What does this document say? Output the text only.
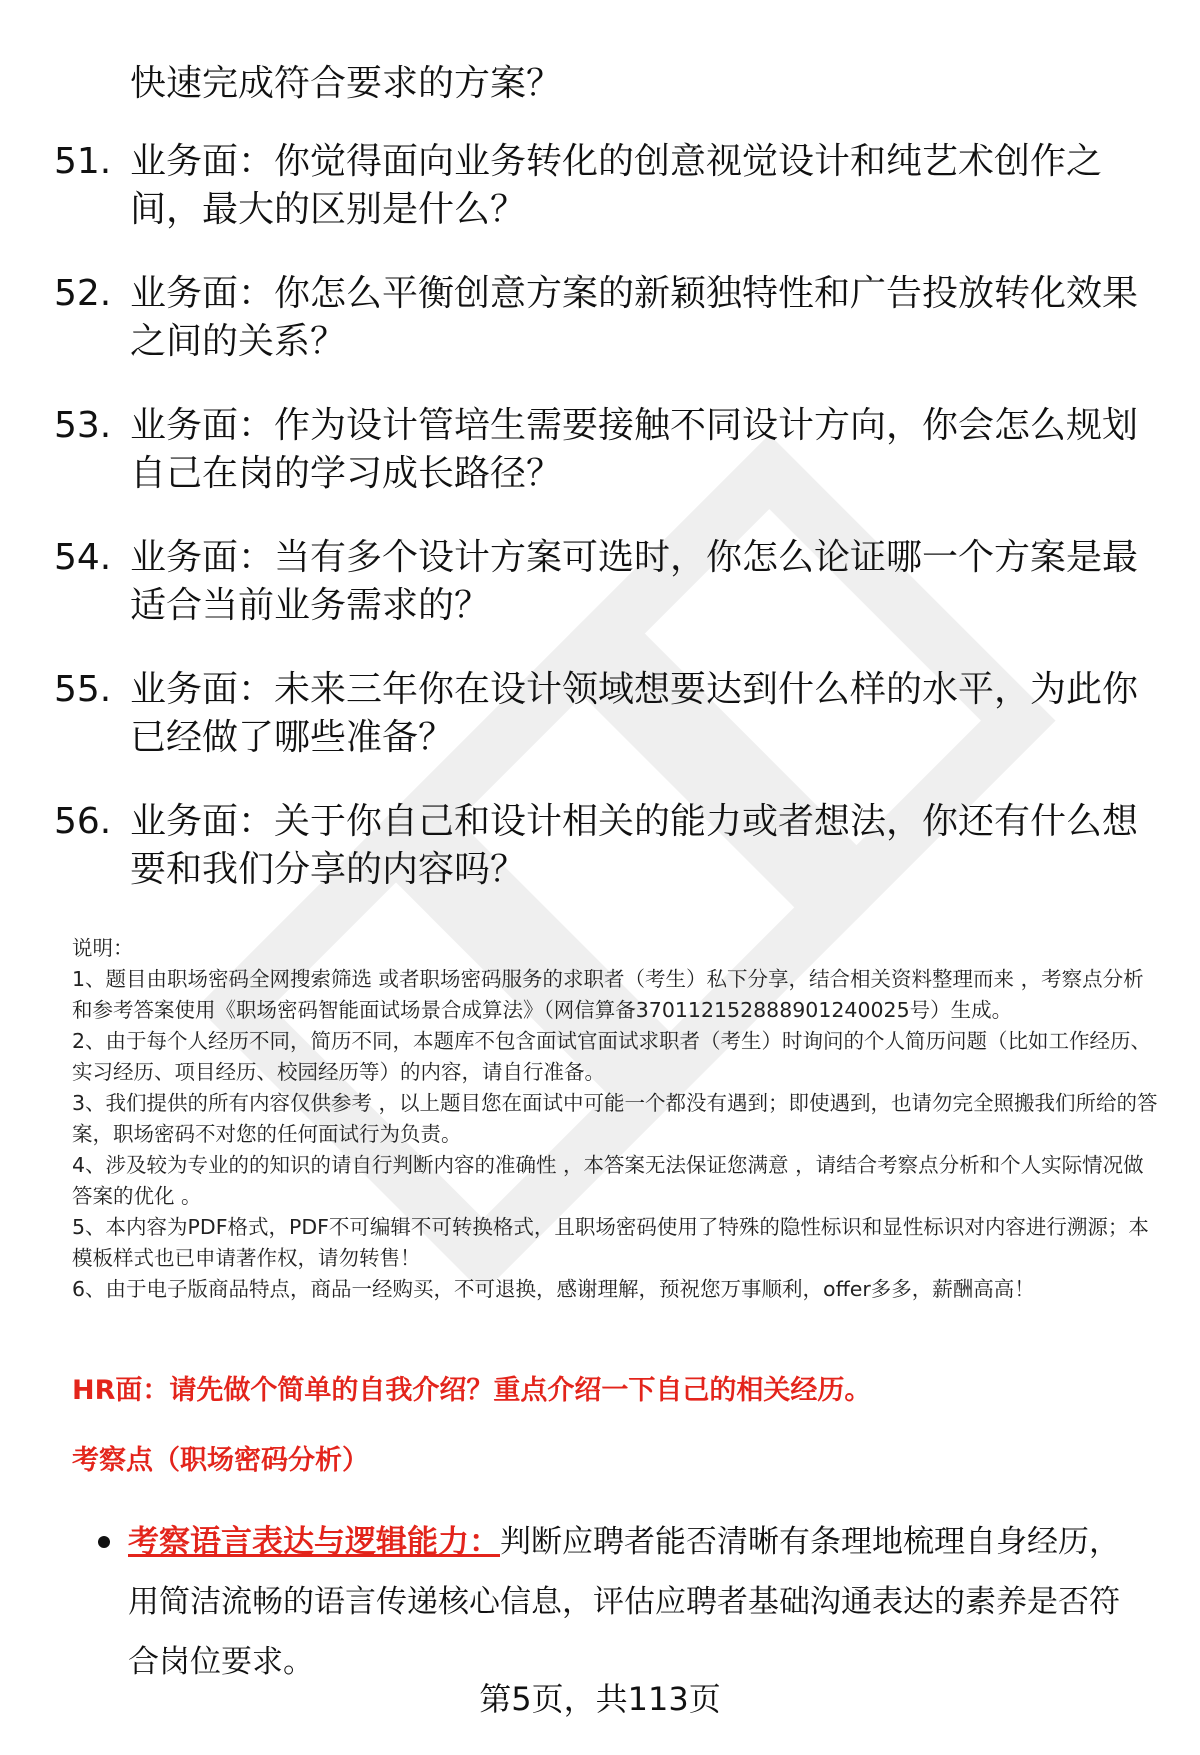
快速完成符合要求的方案？
51. 业务面：你觉得面向业务转化的创意视觉设计和纯艺术创作之间，最大的区别是什么？
52. 业务面：你怎么平衡创意方案的新颖独特性和广告投放转化效果之间的关系？
53. 业务面：作为设计管培生需要接触不同设计方向，你会怎么规划自己在岗的学习成长路径？
54. 业务面：当有多个设计方案可选时，你怎么论证哪一个方案是最适合当前业务需求的？
55. 业务面：未来三年你在设计领域想要达到什么样的水平，为此你已经做了哪些准备？
56. 业务面：关于你自己和设计相关的能力或者想法，你还有什么想要和我们分享的内容吗？

说明：

1、题目由职场密码全网搜索筛选 或者职场密码服务的求职者（考生）私下分享，结合相关资料整理而来 ，考察点分析和参考答案使用《职场密码智能面试场景合成算法》（网信算备370112152888901240025号）生成。

2、由于每个人经历不同，简历不同，本题库不包含面试官面试求职者（考生）时询问的个人简历问题（比如工作经历、实习经历、项目经历、校园经历等）的内容，请自行准备。

3、我们提供的所有内容仅供参考 ，以上题目您在面试中可能一个都没有遇到；即使遇到，也请勿完全照搬我们所给的答案，职场密码不对您的任何面试行为负责。

4、涉及较为专业的的知识的请自行判断内容的准确性 ，本答案无法保证您满意 ，请结合考察点分析和个人实际情况做答案的优化 。

5、本内容为PDF格式，PDF不可编辑不可转换格式，且职场密码使用了特殊的隐性标识和显性标识对内容进行溯源；本模板样式也已申请著作权，请勿转售！

6、由于电子版商品特点，商品一经购买，不可退换，感谢理解，预祝您万事顺利，offer多多，薪酬高高！

HR面：请先做个简单的自我介绍？重点介绍一下自己的相关经历。
考察点（职场密码分析）
考察语言表达与逻辑能力：判断应聘者能否清晰有条理地梳理自身经历，用简洁流畅的语言传递核心信息，评估应聘者基础沟通表达的素养是否符合岗位要求。
第5页，共113页
